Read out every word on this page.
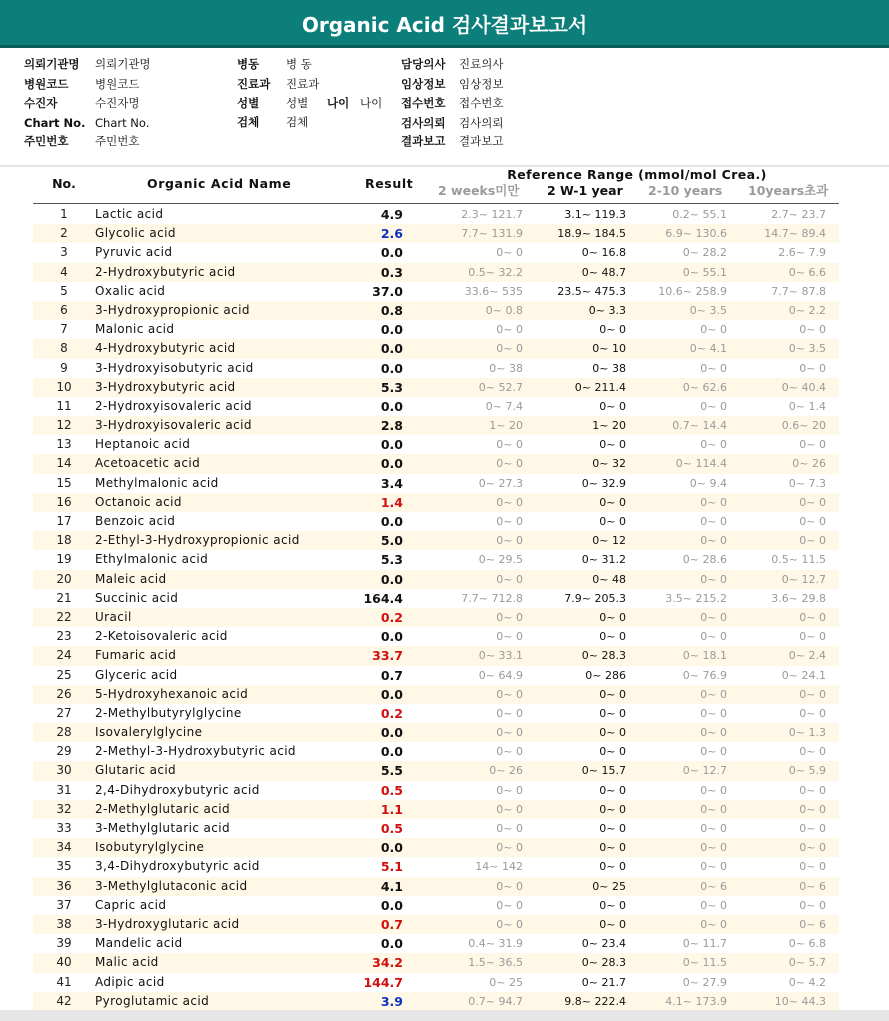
Organic Acid 검사결과보고서
의뢰기관명 의뢰기관명
병원코드 병원코드
수진자	수진자명
Chart No. Chart No.
주민번호 주민번호
병동 병 동
진료과 진료과
성별 성별 나이 나이
검체 검체
담당의사 진료의사
임상정보 임상정보
접수번호 접수번호
검사의뢰 검사의뢰
결과보고 결과보고
No.	Organic Acid Name	Result
Reference Range (mmol/mol Crea.)
2 weeks미만 2 W-1 year 2-10 years 10years초과
1	Lactic acid	4.9	2.3~ 121.7	3.1~ 119.3	0.2~ 55.1	2.7~ 23.7
2	Glycolic acid	2.6	7.7~ 131.9	18.9~ 184.5	6.9~ 130.6	14.7~ 89.4
3	Pyruvic acid	0.0	0~ 0	0~ 16.8	0~ 28.2	2.6~ 7.9
4	2-Hydroxybutyric acid	0.3	0.5~ 32.2	0~ 48.7	0~ 55.1	0~ 6.6
5	Oxalic acid	37.0	33.6~ 535	23.5~ 475.3	10.6~ 258.9	7.7~ 87.8
6	3-Hydroxypropionic acid	0.8	0~ 0.8	0~ 3.3	0~ 3.5	0~ 2.2
7	Malonic acid	0.0	0~ 0	0~ 0	0~ 0	0~ 0
8	4-Hydroxybutyric acid	0.0	0~ 0	0~ 10	0~ 4.1	0~ 3.5
9	3-Hydroxyisobutyric acid	0.0	0~ 38	0~ 38	0~ 0	0~ 0
10	3-Hydroxybutyric acid	5.3	0~ 52.7	0~ 211.4	0~ 62.6	0~ 40.4
11	2-Hydroxyisovaleric acid	0.0	0~ 7.4	0~ 0	0~ 0	0~ 1.4
12	3-Hydroxyisovaleric acid	2.8	1~ 20	1~ 20	0.7~ 14.4	0.6~ 20
13	Heptanoic acid	0.0	0~ 0	0~ 0	0~ 0	0~ 0
14	Acetoacetic acid	0.0	0~ 0	0~ 32	0~ 114.4	0~ 26
15	Methylmalonic acid	3.4	0~ 27.3	0~ 32.9	0~ 9.4	0~ 7.3
16	Octanoic acid	1.4	0~ 0	0~ 0	0~ 0	0~ 0
17	Benzoic acid	0.0	0~ 0	0~ 0	0~ 0	0~ 0
18	2-Ethyl-3-Hydroxypropionic acid	5.0	0~ 0	0~ 12	0~ 0	0~ 0
19	Ethylmalonic acid	5.3	0~ 29.5	0~ 31.2	0~ 28.6	0.5~ 11.5
20	Maleic acid	0.0	0~ 0	0~ 48	0~ 0	0~ 12.7
21	Succinic acid	164.4	7.7~ 712.8	7.9~ 205.3	3.5~ 215.2	3.6~ 29.8
22	Uracil	0.2	0~ 0	0~ 0	0~ 0	0~ 0
23	2-Ketoisovaleric acid	0.0	0~ 0	0~ 0	0~ 0	0~ 0
24	Fumaric acid	33.7	0~ 33.1	0~ 28.3	0~ 18.1	0~ 2.4
25	Glyceric acid	0.7	0~ 64.9	0~ 286	0~ 76.9	0~ 24.1
26	5-Hydroxyhexanoic acid	0.0	0~ 0	0~ 0	0~ 0	0~ 0
27	2-Methylbutyrylglycine	0.2	0~ 0	0~ 0	0~ 0	0~ 0
28	Isovalerylglycine	0.0	0~ 0	0~ 0	0~ 0	0~ 1.3
29	2-Methyl-3-Hydroxybutyric acid	0.0	0~ 0	0~ 0	0~ 0	0~ 0
30	Glutaric acid	5.5	0~ 26	0~ 15.7	0~ 12.7	0~ 5.9
31	2,4-Dihydroxybutyric acid	0.5	0~ 0	0~ 0	0~ 0	0~ 0
32	2-Methylglutaric acid	1.1	0~ 0	0~ 0	0~ 0	0~ 0
33	3-Methylglutaric acid	0.5	0~ 0	0~ 0	0~ 0	0~ 0
34	Isobutyrylglycine	0.0	0~ 0	0~ 0	0~ 0	0~ 0
35	3,4-Dihydroxybutyric acid	5.1	14~ 142	0~ 0	0~ 0	0~ 0
36	3-Methylglutaconic acid	4.1	0~ 0	0~ 25	0~ 6	0~ 6
37	Capric acid	0.0	0~ 0	0~ 0	0~ 0	0~ 0
38	3-Hydroxyglutaric acid	0.7	0~ 0	0~ 0	0~ 0	0~ 6
39	Mandelic acid	0.0	0.4~ 31.9	0~ 23.4	0~ 11.7	0~ 6.8
40	Malic acid	34.2	1.5~ 36.5	0~ 28.3	0~ 11.5	0~ 5.7
41	Adipic acid	144.7	0~ 25	0~ 21.7	0~ 27.9	0~ 4.2
42	Pyroglutamic acid	3.9	0.7~ 94.7	9.8~ 222.4	4.1~ 173.9	10~ 44.3
